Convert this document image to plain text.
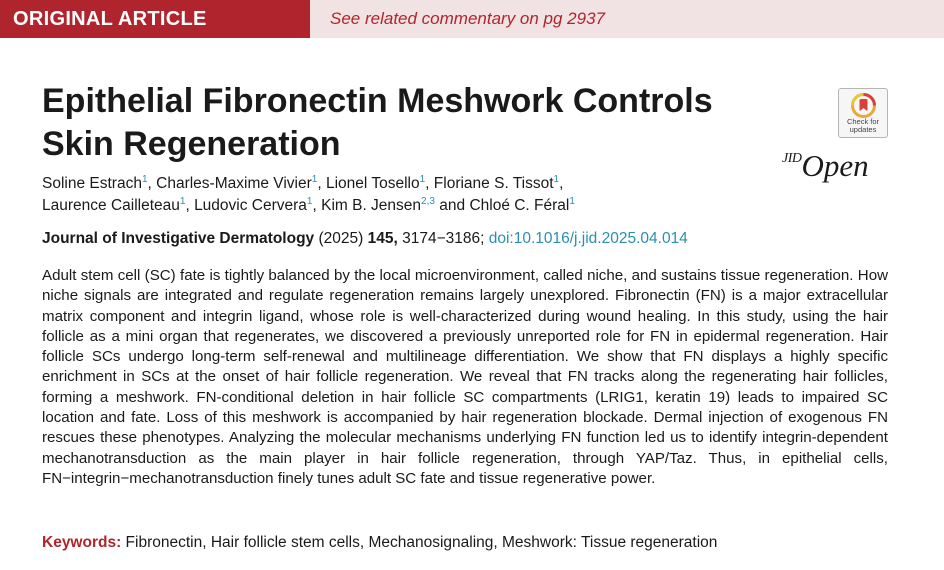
ORIGINAL ARTICLE	See related commentary on pg 2937
Epithelial Fibronectin Meshwork Controls
Skin Regeneration
Check for
updates
JIDOpen
Soline Estrach$^1$, Charles-Maxime Vivier$^1$, Lionel Tosello$^1$, Floriane S. Tissot$^1$,
Laurence Cailleteau$^1$, Ludovic Cervera$^1$, Kim B. Jensen$^{2,3}$ and Chloé C. Féral$^1$
Journal of Investigative Dermatology (2025) 145, 3174−3186; doi:10.1016/j.jid.2025.04.014

Adult stem cell (SC) fate is tightly balanced by the local microenvironment, called niche, and sustains tissue regeneration. How niche signals are integrated and regulate regeneration remains largely unexplored. Fibronectin (FN) is a major extracellular matrix component and integrin ligand, whose role is well-characterized during wound healing. In this study, using the hair follicle as a mini organ that regenerates, we discovered a previously unreported role for FN in epidermal regeneration. Hair follicle SCs undergo long-term self-renewal and multilineage differentiation. We show that FN displays a highly specific enrichment in SCs at the onset of hair follicle regeneration. We reveal that FN tracks along the regenerating hair follicles, forming a meshwork. FN-conditional deletion in hair follicle SC compartments (LRIG1, keratin 19) leads to impaired SC location and fate. Loss of this meshwork is accompanied by hair regeneration blockade. Dermal injection of exogenous FN rescues these phenotypes. Analyzing the molecular mechanisms underlying FN function led us to identify integrin-dependent mechanotransduction as the main player in hair follicle regeneration, through YAP/Taz. Thus, in epithelial cells, FN−integrin−mechanotransduction finely tunes adult SC fate and tissue regenerative power.

Keywords: Fibronectin, Hair follicle stem cells, Mechanosignaling, Meshwork: Tissue regeneration
